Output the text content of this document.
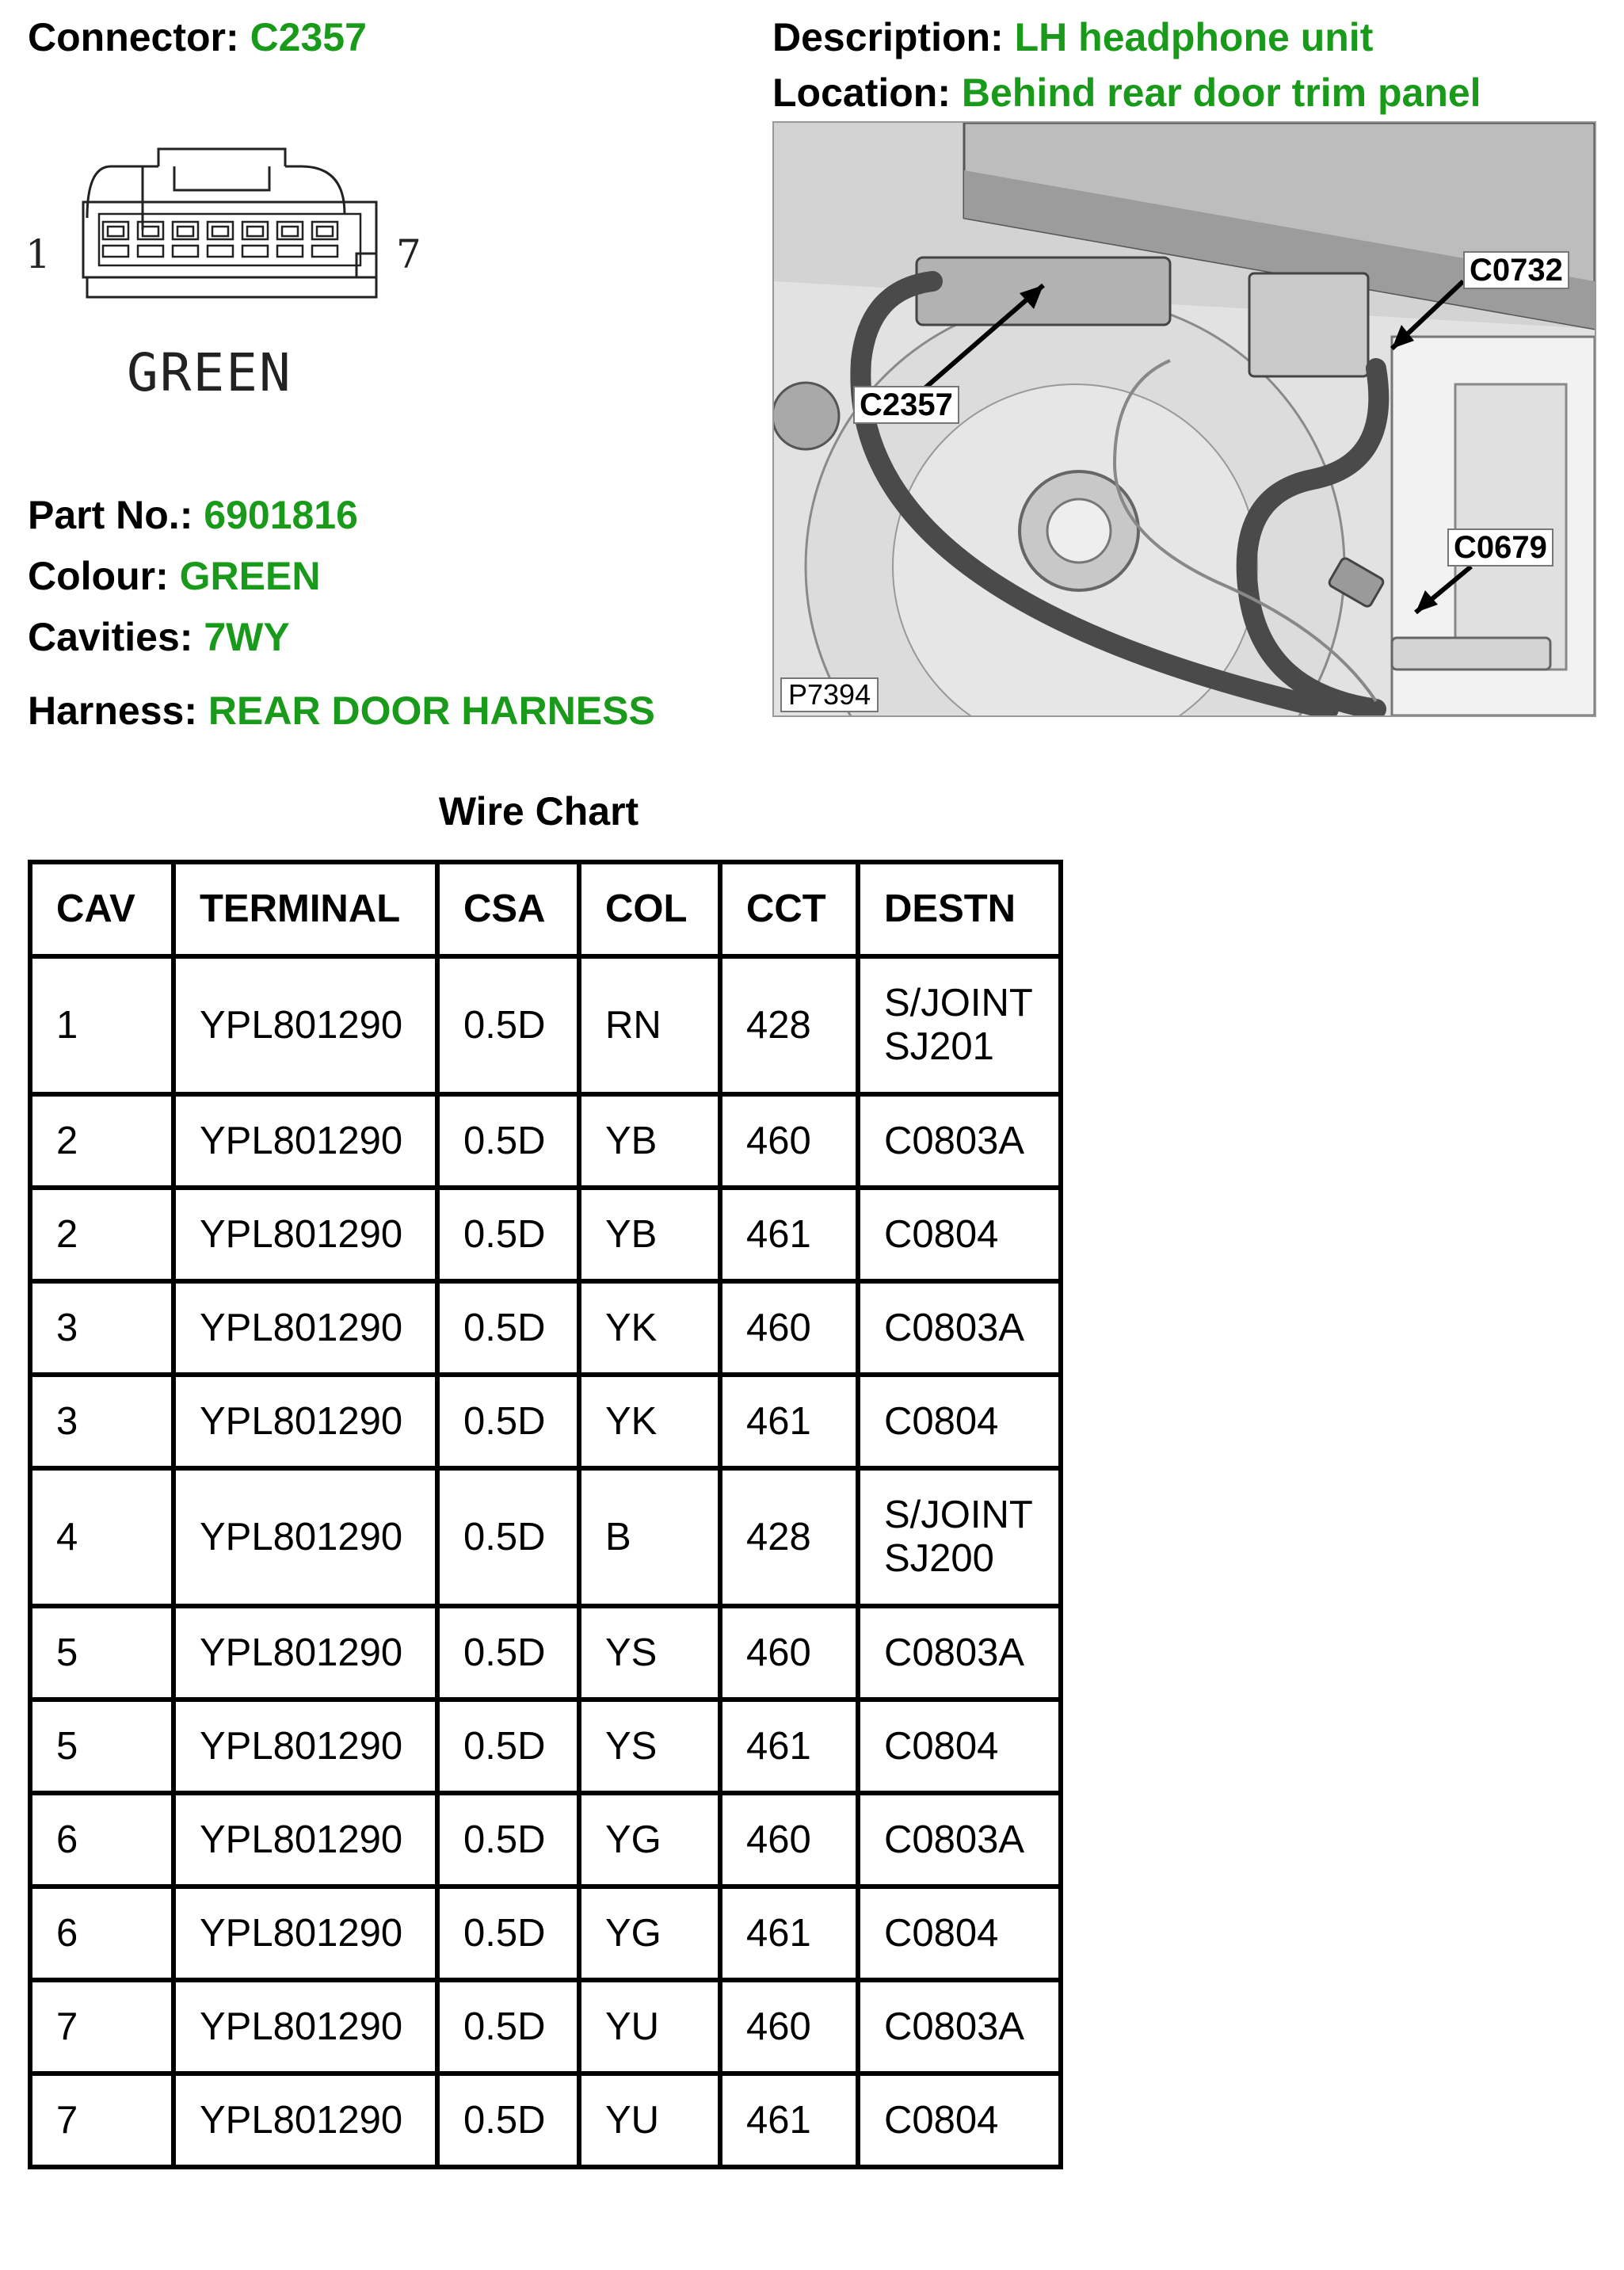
Connector: C2357	Description: LH headphone unit
Location: Behind rear door trim panel
1	7
GREEN
Part No.: 6901816
Colour: GREEN
Cavities: 7WY
Harness: REAR DOOR HARNESS
C0732
C2357
C0679
P7394
Wire Chart
CAV	TERMINAL	CSA	COL	CCT	DESTN
1	YPL801290	0.5D	RN	428	S/JOINT
SJ201

2	YPL801290	0.5D	YB	460	C0803A

2	YPL801290	0.5D	YB	461	C0804

3	YPL801290	0.5D	YK	460	C0803A

3	YPL801290	0.5D	YK	461	C0804

4	YPL801290	0.5D	B	428	S/JOINT
SJ200

5	YPL801290	0.5D	YS	460	C0803A

5	YPL801290	0.5D	YS	461	C0804

6	YPL801290	0.5D	YG	460	C0803A

6	YPL801290	0.5D	YG	461	C0804

7	YPL801290	0.5D	YU	460	C0803A

7	YPL801290	0.5D	YU	461	C0804
